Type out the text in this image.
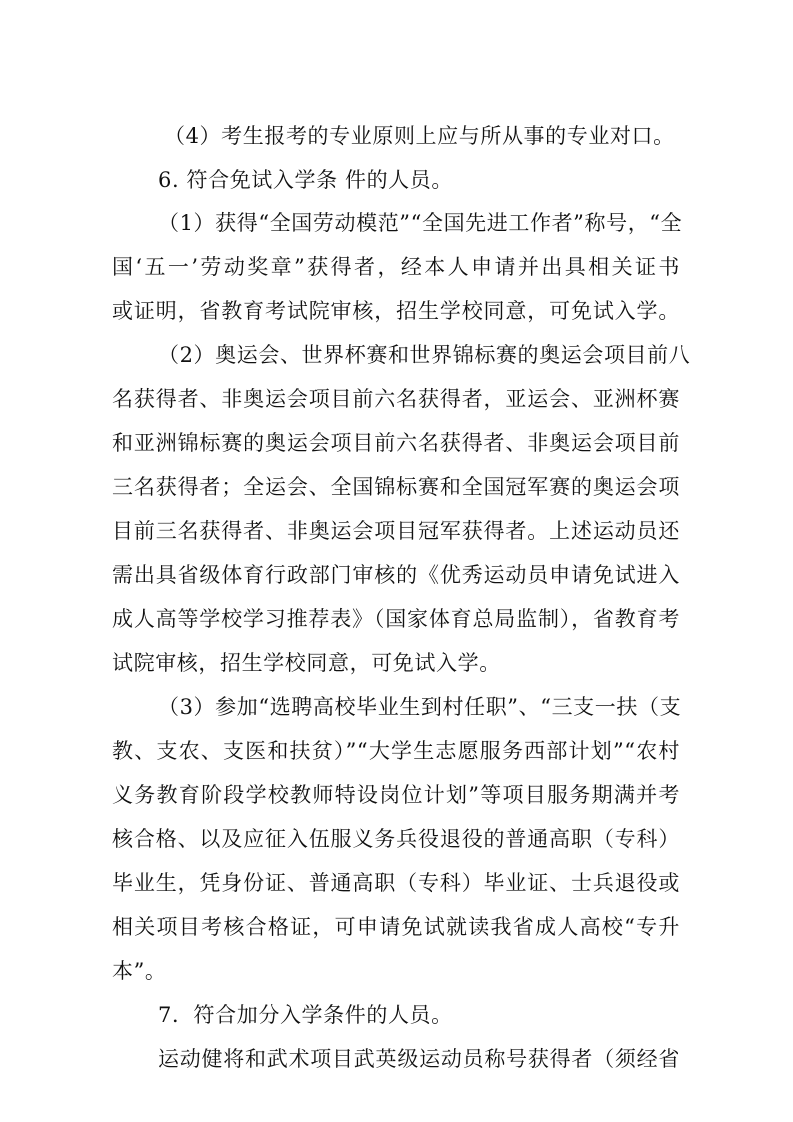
（4）考生报考的专业原则上应与所从事的专业对口。
6. 符合免试入学条 件的人员。
（1）获得“全国劳动模范”“全国先进工作者”称号，“全
国‘五一’劳动奖章”获得者，经本人申请并出具相关证书
或证明，省教育考试院审核，招生学校同意，可免试入学。
（2）奥运会、世界杯赛和世界锦标赛的奥运会项目前八
名获得者、非奥运会项目前六名获得者，亚运会、亚洲杯赛
和亚洲锦标赛的奥运会项目前六名获得者、非奥运会项目前
三名获得者；全运会、全国锦标赛和全国冠军赛的奥运会项
目前三名获得者、非奥运会项目冠军获得者。上述运动员还
需出具省级体育行政部门审核的《优秀运动员申请免试进入
成人高等学校学习推荐表》（国家体育总局监制），省教育考
试院审核，招生学校同意，可免试入学。
（3）参加“选聘高校毕业生到村任职”、“三支一扶（支
教、支农、支医和扶贫）”“大学生志愿服务西部计划”“农村
义务教育阶段学校教师特设岗位计划”等项目服务期满并考
核合格、以及应征入伍服义务兵役退役的普通高职（专科）
毕业生，凭身份证、普通高职（专科）毕业证、士兵退役或
相关项目考核合格证，可申请免试就读我省成人高校“专升
本”。
7．符合加分入学条件的人员。
运动健将和武术项目武英级运动员称号获得者（须经省
